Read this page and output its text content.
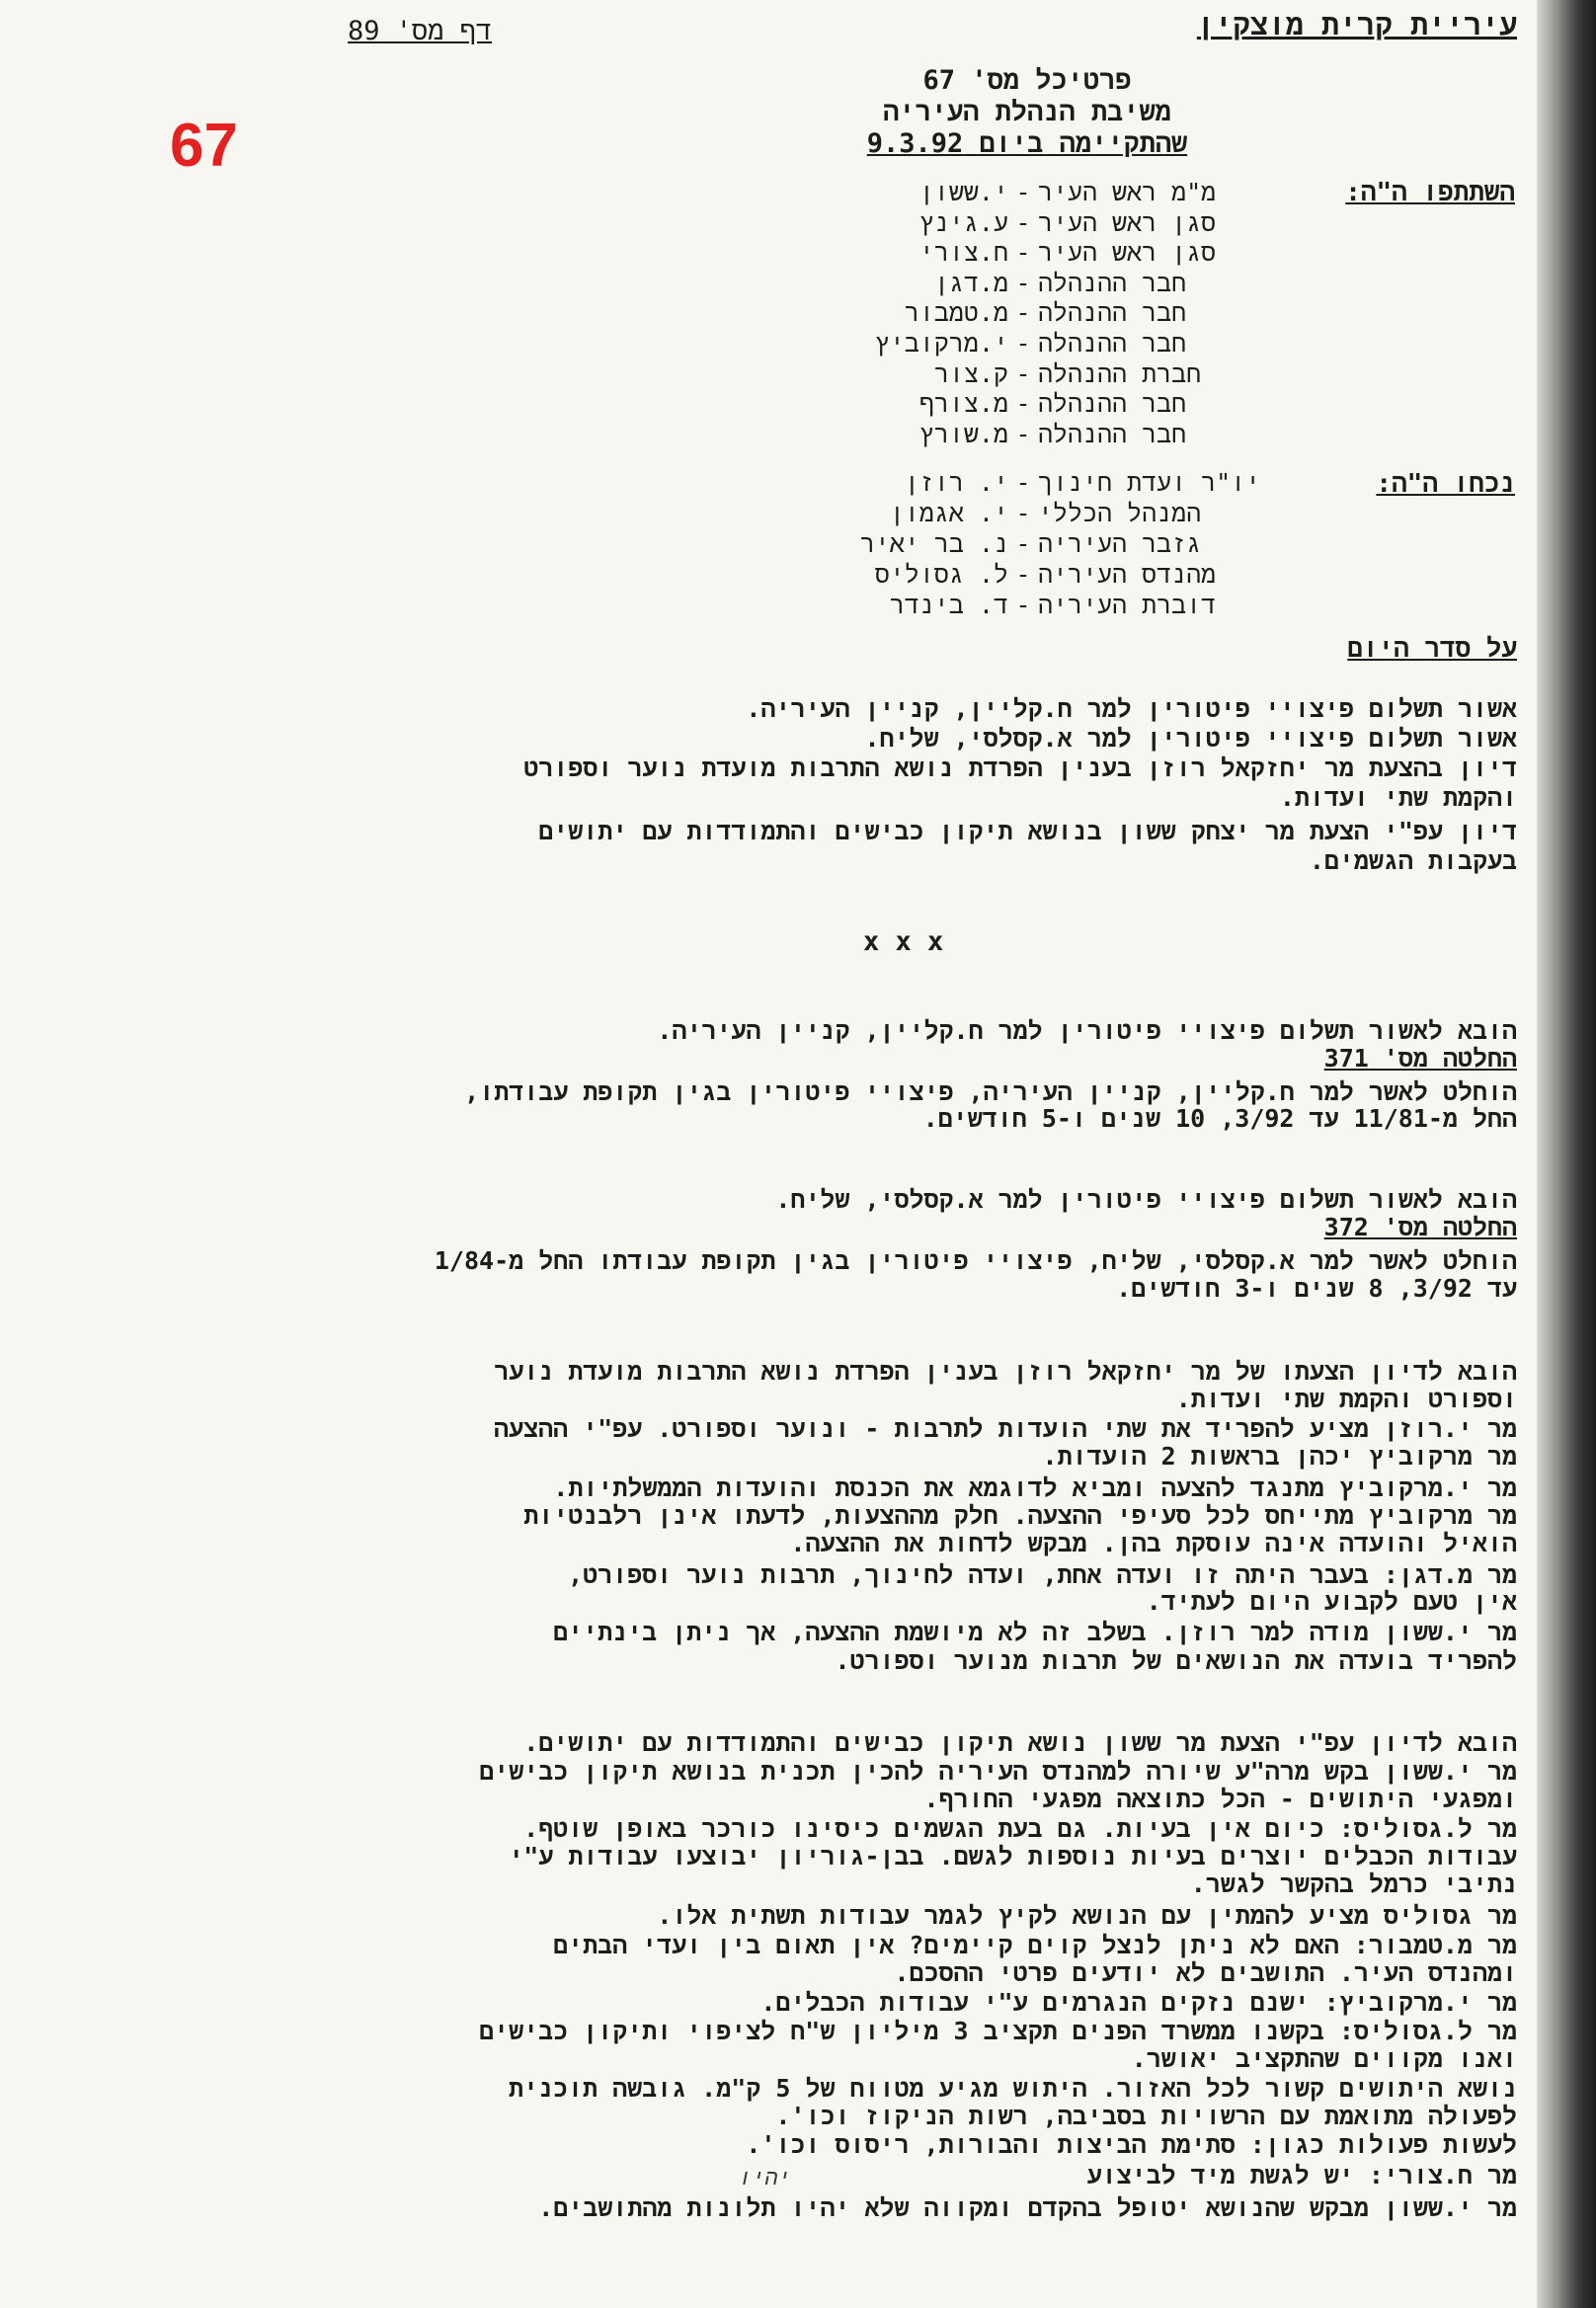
עיריית קרית מוצקין
דף מס' 89
67
פרטיכל מס' 67
משיבת הנהלת העיריה
שהתקיימה ביום 9.3.92
השתתפו ה"ה:
י.ששון - מ"מ ראש העיר
ע.גינץ - סגן ראש העיר
ח.צורי - סגן ראש העיר
מ.דגן - חבר ההנהלה
מ.טמבור - חבר ההנהלה
י.מרקוביץ - חבר ההנהלה
ק.צור - חברת ההנהלה
מ.צורף - חבר ההנהלה
מ.שורץ - חבר ההנהלה
נכחו ה"ה:
י. רוזן - יו"ר ועדת חינוך
י. אגמון - המנהל הכללי
נ. בר יאיר - גזבר העיריה
ל. גסוליס - מהנדס העיריה
ד. בינדר - דוברת העיריה
על סדר היום
אשור תשלום פיצויי פיטורין למר ח.קליין, קניין העיריה.
אשור תשלום פיצויי פיטורין למר א.קסלסי, שליח.
דיון בהצעת מר יחזקאל רוזן בענין הפרדת נושא התרבות מועדת נוער וספורט
והקמת שתי ועדות.
דיון עפ"י הצעת מר יצחק ששון בנושא תיקון כבישים והתמודדות עם יתושים
בעקבות הגשמים.
x x x
הובא לאשור תשלום פיצויי פיטורין למר ח.קליין, קניין העיריה.
החלטה מס' 371
הוחלט לאשר למר ח.קליין, קניין העיריה, פיצויי פיטורין בגין תקופת עבודתו,
החל מ-11/81 עד 3/92, 10 שנים ו-5 חודשים.
הובא לאשור תשלום פיצויי פיטורין למר א.קסלסי, שליח.
החלטה מס' 372
הוחלט לאשר למר א.קסלסי, שליח, פיצויי פיטורין בגין תקופת עבודתו החל מ-1/84
עד 3/92, 8 שנים ו-3 חודשים.
הובא לדיון הצעתו של מר יחזקאל רוזן בענין הפרדת נושא התרבות מועדת נוער
וספורט והקמת שתי ועדות.
מר י.רוזן מציע להפריד את שתי הועדות לתרבות - ונוער וספורט. עפ"י ההצעה
מר מרקוביץ יכהן בראשות 2 הועדות.
מר י.מרקוביץ מתנגד להצעה ומביא לדוגמא את הכנסת והועדות הממשלתיות.
מר מרקוביץ מתייחס לכל סעיפי ההצעה. חלק מההצעות, לדעתו אינן רלבנטיות
הואיל והועדה אינה עוסקת בהן. מבקש לדחות את ההצעה.
מר מ.דגן: בעבר היתה זו ועדה אחת, ועדה לחינוך, תרבות נוער וספורט,
אין טעם לקבוע היום לעתיד.
מר י.ששון מודה למר רוזן. בשלב זה לא מיושמת ההצעה, אך ניתן בינתיים
להפריד בועדה את הנושאים של תרבות מנוער וספורט.
הובא לדיון עפ"י הצעת מר ששון נושא תיקון כבישים והתמודדות עם יתושים.
מר י.ששון בקש מרה"ע שיורה למהנדס העיריה להכין תכנית בנושא תיקון כבישים
ומפגעי היתושים - הכל כתוצאה מפגעי החורף.
מר ל.גסוליס: כיום אין בעיות. גם בעת הגשמים כיסינו כורכר באופן שוטף.
עבודות הכבלים יוצרים בעיות נוספות לגשם. בבן-גוריון יבוצעו עבודות ע"י
נתיבי כרמל בהקשר לגשר.
מר גסוליס מציע להמתין עם הנושא לקיץ לגמר עבודות תשתית אלו.
מר מ.טמבור: האם לא ניתן לנצל קוים קיימים? אין תאום בין ועדי הבתים
ומהנדס העיר. התושבים לא יודעים פרטי ההסכם.
מר י.מרקוביץ: ישנם נזקים הנגרמים ע"י עבודות הכבלים.
מר ל.גסוליס: בקשנו ממשרד הפנים תקציב 3 מיליון ש"ח לציפוי ותיקון כבישים
ואנו מקווים שהתקציב יאושר.
נושא היתושים קשור לכל האזור. היתוש מגיע מטווח של 5 ק"מ. גובשה תוכנית
לפעולה מתואמת עם הרשויות בסביבה, רשות הניקוז וכו'.
לעשות פעולות כגון: סתימת הביצות והבורות, ריסוס וכו'.
מר ח.צורי: יש לגשת מיד לביצוע
מר י.ששון מבקש שהנושא יטופל בהקדם ומקווה שלא יהיו תלונות מהתושבים.
יהיו
